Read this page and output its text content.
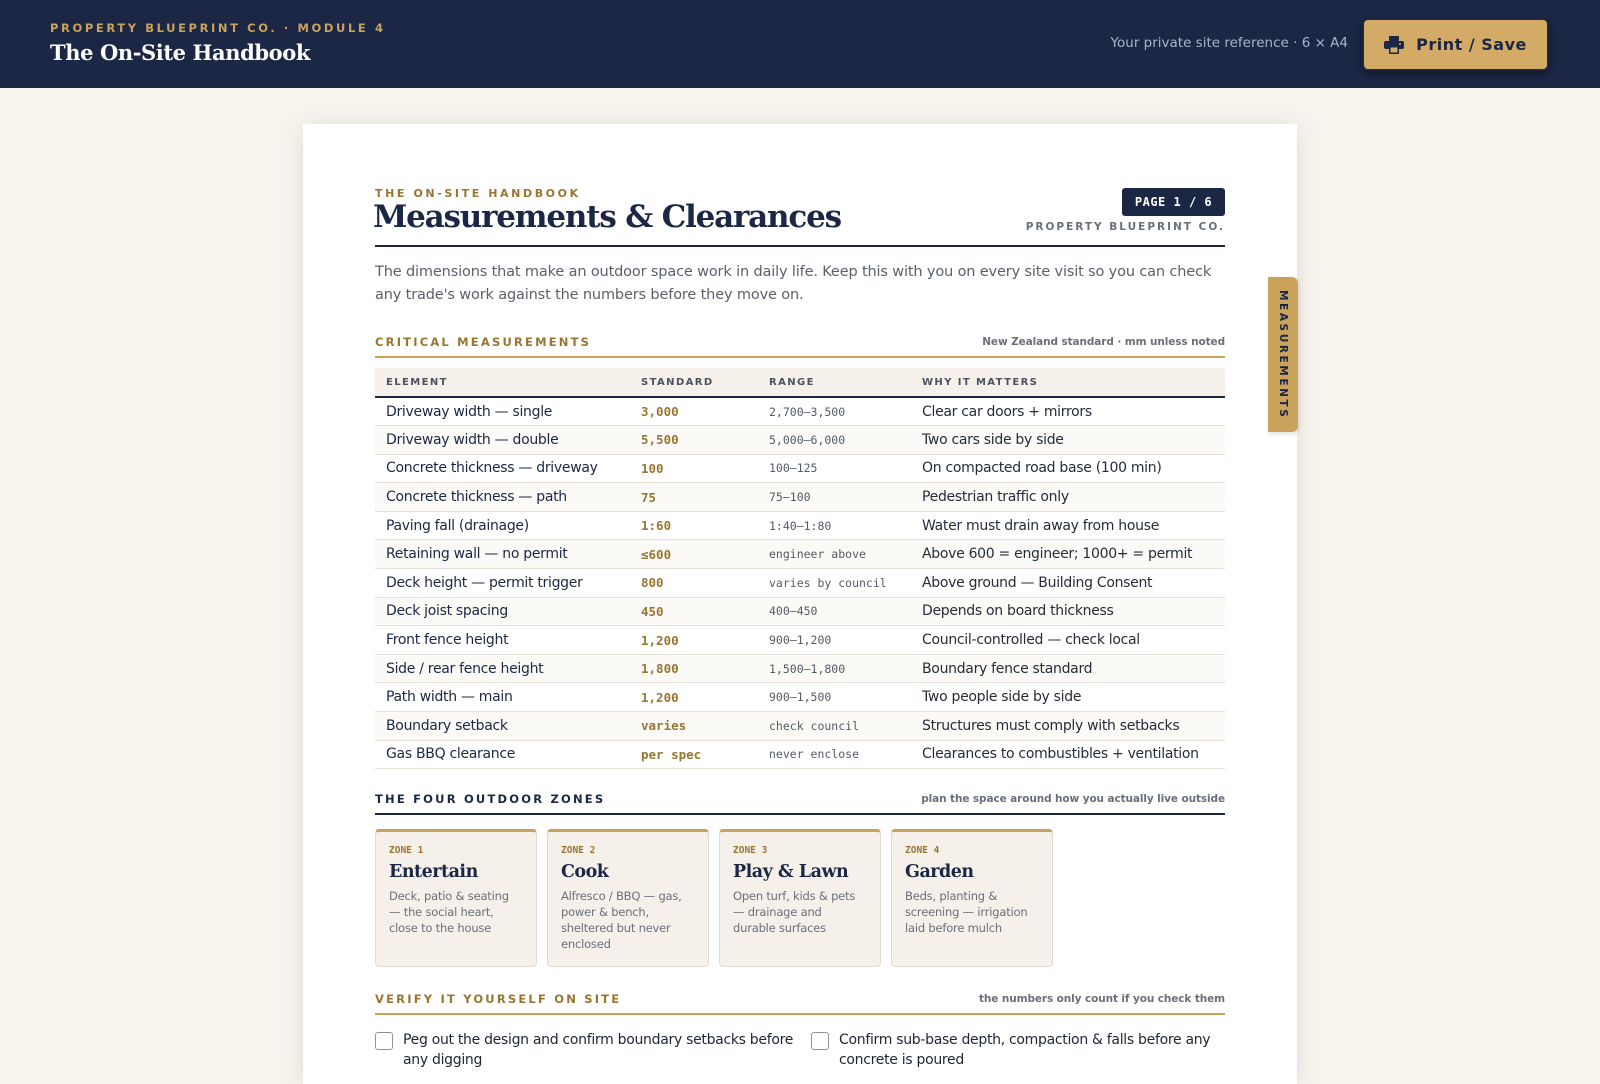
PROPERTY BLUEPRINT CO. · MODULE 4
The On-Site Handbook	Your private site reference · 6 × A4	Print / Save
MEASUREMENTS
THE ON-SITE HANDBOOK
Measurements & Clearances	PAGE 1 / 6
PROPERTY BLUEPRINT CO.

The dimensions that make an outdoor space work in daily life. Keep this with you on every site visit so you can check any trade's work against the numbers before they move on.

CRITICAL MEASUREMENTS	New Zealand standard · mm unless noted
ELEMENT	STANDARD	RANGE	WHY IT MATTERS
Driveway width — single	3,000	2,700–3,500	Clear car doors + mirrors
Driveway width — double	5,500	5,000–6,000	Two cars side by side
Concrete thickness — driveway	100	100–125	On compacted road base (100 min)
Concrete thickness — path	75	75–100	Pedestrian traffic only
Paving fall (drainage)	1:60	1:40–1:80	Water must drain away from house
Retaining wall — no permit	≤600	engineer above	Above 600 = engineer; 1000+ = permit
Deck height — permit trigger	800	varies by council	Above ground — Building Consent
Deck joist spacing	450	400–450	Depends on board thickness
Front fence height	1,200	900–1,200	Council-controlled — check local
Side / rear fence height	1,800	1,500–1,800	Boundary fence standard
Path width — main	1,200	900–1,500	Two people side by side
Boundary setback	varies	check council	Structures must comply with setbacks
Gas BBQ clearance	per spec	never enclose	Clearances to combustibles + ventilation
THE FOUR OUTDOOR ZONES	plan the space around how you actually live outside
ZONE 1
Entertain
Deck, patio & seating — the social heart, close to the house
ZONE 2
Cook
Alfresco / BBQ — gas, power & bench, sheltered but never enclosed
ZONE 3
Play & Lawn
Open turf, kids & pets — drainage and durable surfaces
ZONE 4
Garden
Beds, planting & screening — irrigation laid before mulch
VERIFY IT YOURSELF ON SITE	the numbers only count if you check them
Peg out the design and confirm boundary setbacks before any digging
Confirm sub-base depth, compaction & falls before any concrete is poured
